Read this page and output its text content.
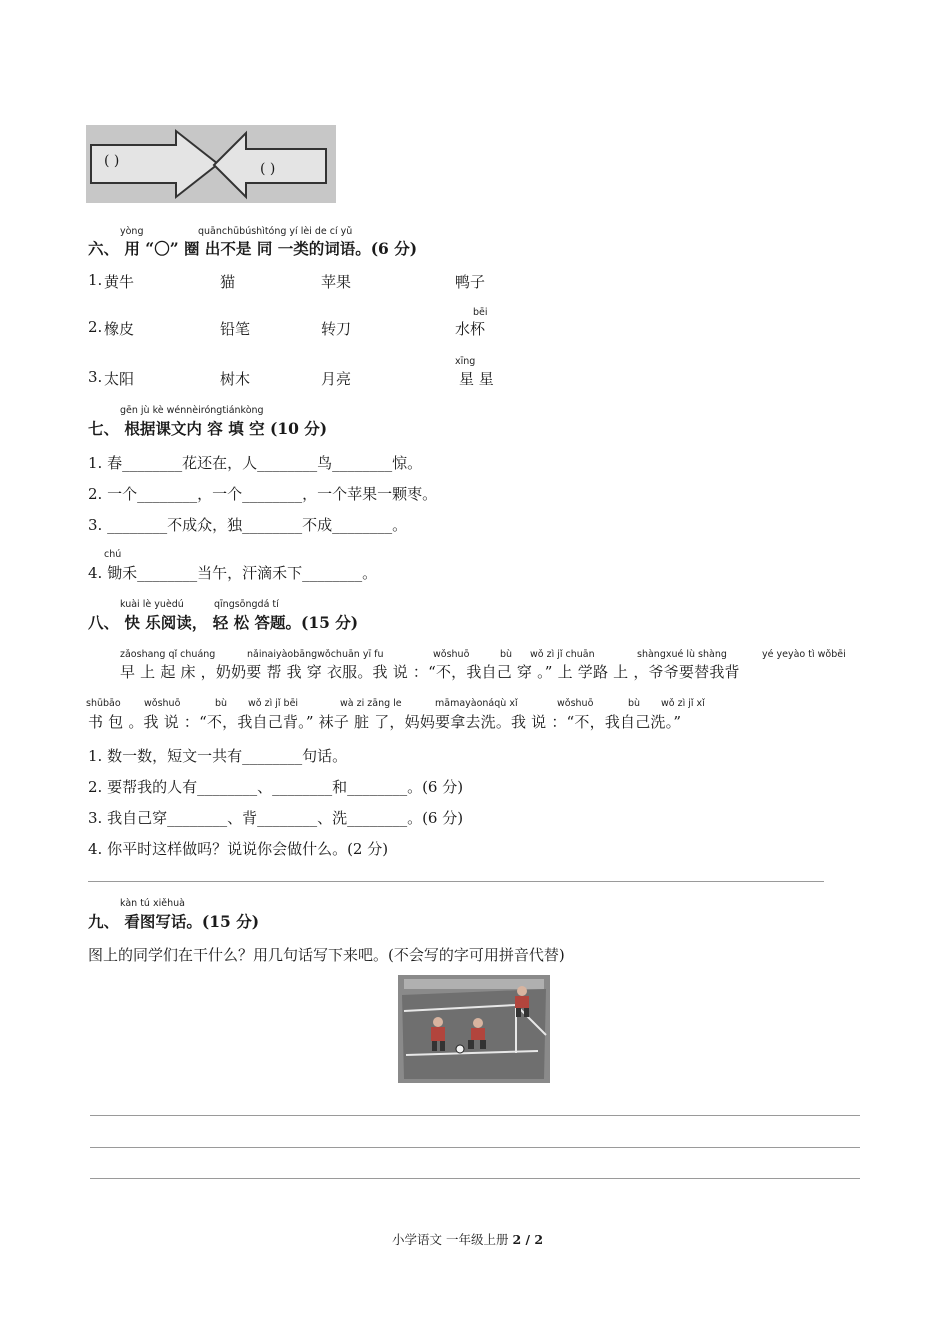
( )	( )
yòng	quānchūbúshìtóng yí lèi de cí yǔ
六、 用 “〇” 圈 出不是 同 一类的词语。(6 分)
1. 黄牛	猫	苹果	鸭子
bēi
2. 橡皮	铅笔	转刀	水杯
xīng
3. 太阳	树木	月亮	星 星
gēn jù kè wénnèiróngtiánkòng
七、 根据课文内 容 填 空 (10 分)
1. 春________花还在，人________鸟________惊。
2. 一个________，一个________，一个苹果一颗枣。
3. ________不成众，独________不成________。
chú
4. 锄禾________当午，汗滴禾下________。
kuài lè yuèdú	qīngsōngdá tí
八、 快 乐阅读， 轻 松 答题。(15 分)
zǎoshang qǐ chuáng	nǎinaiyàobāngwǒchuān yī fu	wǒshuō	bù wǒ zì jǐ chuān	shàngxué lù shàng	yé yeyào tì wǒbēi
早 上 起 床 ，奶奶要 帮 我 穿 衣服。我 说 ：“不，我自己 穿 。” 上 学路 上 ，爷爷要替我背
shūbāo wǒshuō	bù wǒ zì jǐ bēi	wà zi zāng le	māmayàonáqù xǐ	wǒshuō	bù wǒ zì jǐ xǐ
书 包 。我 说 ：“不，我自己背。” 袜子 脏 了，妈妈要拿去洗。我 说 ：“不，我自己洗。”
1. 数一数，短文一共有________句话。
2. 要帮我的人有________、________和________。(6 分)
3. 我自己穿________、背________、洗________。(6 分)
4. 你平时这样做吗？说说你会做什么。(2 分)
kàn tú xiěhuà
九、 看图写话。(15 分)
图上的同学们在干什么？用几句话写下来吧。(不会写的字可用拼音代替)
小学语文 一年级上册 2 / 2
